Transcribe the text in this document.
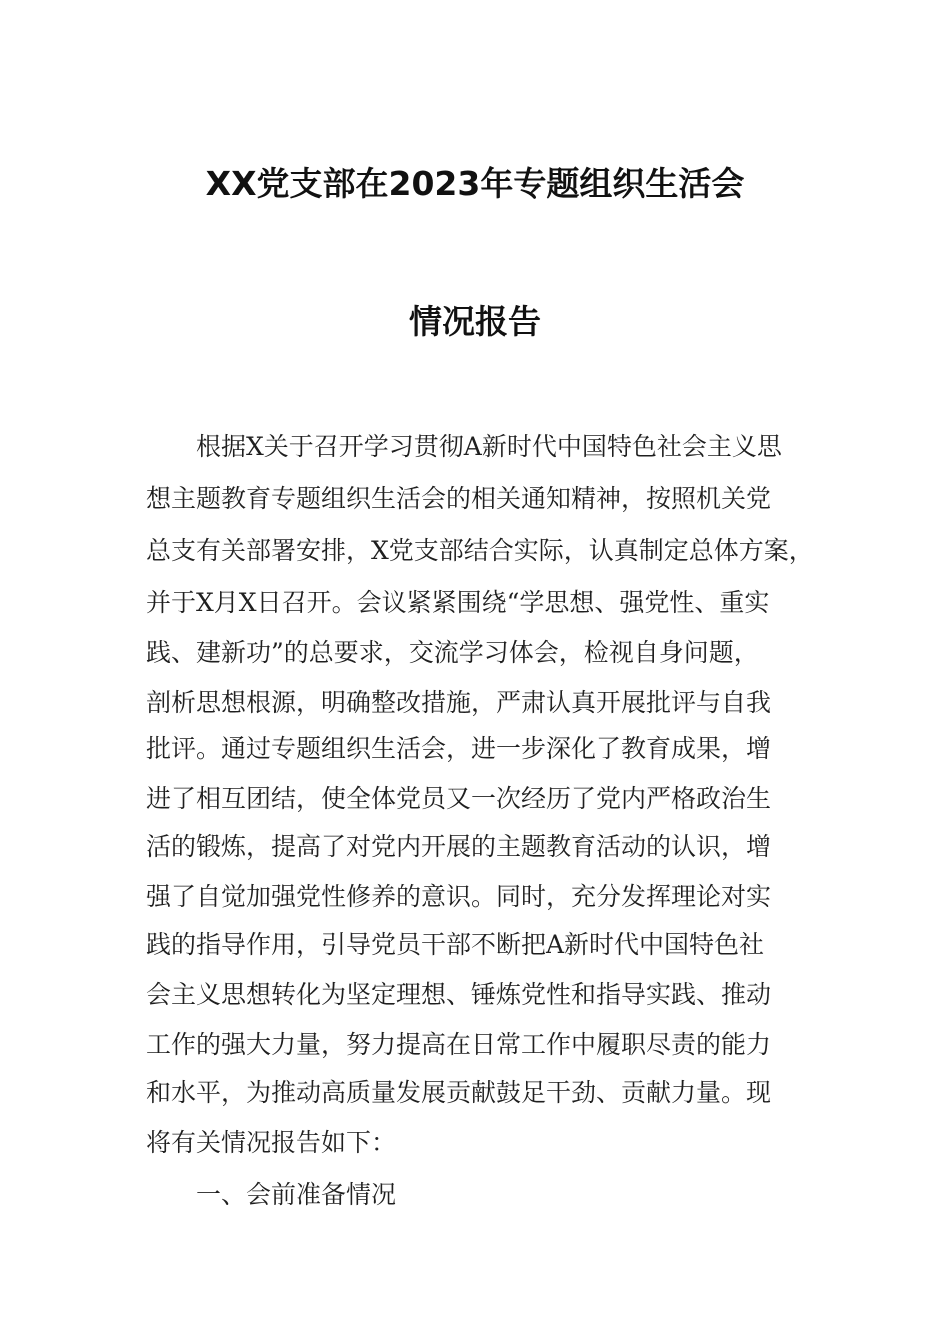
XX党支部在2023年专题组织生活会
情况报告

根据X关于召开学习贯彻A新时代中国特色社会主义思

想主题教育专题组织生活会的相关通知精神，按照机关党

总支有关部署安排，X党支部结合实际，认真制定总体方案，

并于X月X日召开。会议紧紧围绕“学思想、强党性、重实

践、建新功”的总要求，交流学习体会，检视自身问题，

剖析思想根源，明确整改措施，严肃认真开展批评与自我

批评。通过专题组织生活会，进一步深化了教育成果，增

进了相互团结，使全体党员又一次经历了党内严格政治生

活的锻炼，提高了对党内开展的主题教育活动的认识，增

强了自觉加强党性修养的意识。同时，充分发挥理论对实

践的指导作用，引导党员干部不断把A新时代中国特色社

会主义思想转化为坚定理想、锤炼党性和指导实践、推动

工作的强大力量，努力提高在日常工作中履职尽责的能力

和水平，为推动高质量发展贡献鼓足干劲、贡献力量。现

将有关情况报告如下：

一、会前准备情况
